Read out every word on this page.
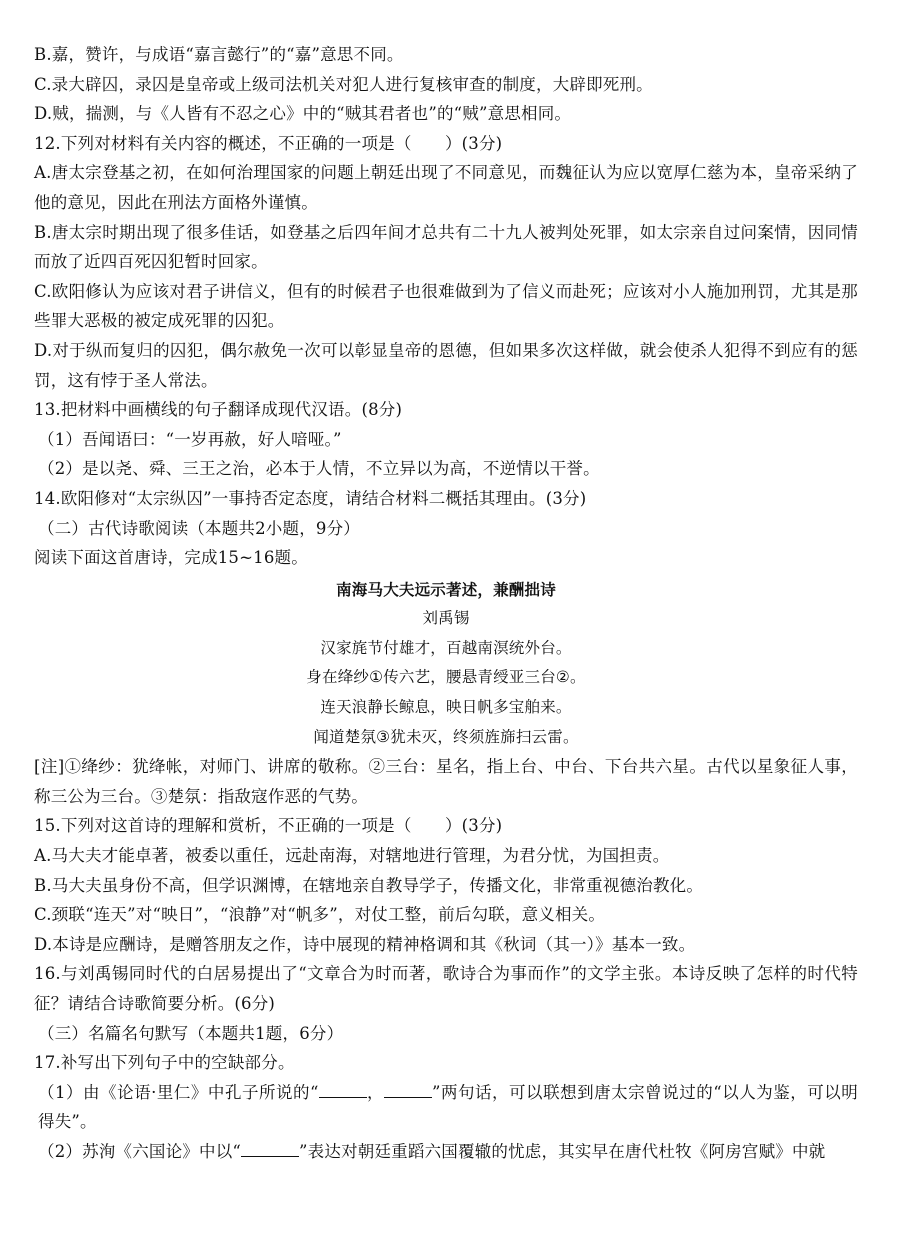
B.嘉，赞许，与成语“嘉言懿行”的“嘉”意思不同。
C.录大辟囚，录囚是皇帝或上级司法机关对犯人进行复核审查的制度，大辟即死刑。
D.贼，揣测，与《人皆有不忍之心》中的“贼其君者也”的“贼”意思相同。
12.下列对材料有关内容的概述，不正确的一项是（　　）(3分)
A.唐太宗登基之初，在如何治理国家的问题上朝廷出现了不同意见，而魏征认为应以宽厚仁慈为本，皇帝采纳了他的意见，因此在刑法方面格外谨慎。
B.唐太宗时期出现了很多佳话，如登基之后四年间才总共有二十九人被判处死罪，如太宗亲自过问案情，因同情而放了近四百死囚犯暂时回家。
C.欧阳修认为应该对君子讲信义，但有的时候君子也很难做到为了信义而赴死；应该对小人施加刑罚，尤其是那些罪大恶极的被定成死罪的囚犯。
D.对于纵而复归的囚犯，偶尔赦免一次可以彰显皇帝的恩德，但如果多次这样做，就会使杀人犯得不到应有的惩罚，这有悖于圣人常法。
13.把材料中画横线的句子翻译成现代汉语。(8分)
（1）吾闻语曰：“一岁再赦，好人喑哑。”
（2）是以尧、舜、三王之治，必本于人情，不立异以为高，不逆情以干誉。
14.欧阳修对“太宗纵囚”一事持否定态度，请结合材料二概括其理由。(3分)
（二）古代诗歌阅读（本题共2小题，9分）
阅读下面这首唐诗，完成15~16题。
南海马大夫远示著述，兼酬拙诗
刘禹锡
汉家旄节付雄才，百越南溟统外台。
身在绛纱①传六艺，腰悬青绶亚三台②。
连天浪静长鲸息，映日帆多宝舶来。
闻道楚氛③犹未灭，终须旌旆扫云雷。
[注]①绛纱：犹绛帐，对师门、讲席的敬称。②三台：星名，指上台、中台、下台共六星。古代以星象征人事，称三公为三台。③楚氛：指敌寇作恶的气势。
15.下列对这首诗的理解和赏析，不正确的一项是（　　）(3分)
A.马大夫才能卓著，被委以重任，远赴南海，对辖地进行管理，为君分忧，为国担责。
B.马大夫虽身份不高，但学识渊博，在辖地亲自教导学子，传播文化，非常重视德治教化。
C.颈联“连天”对“映日”，“浪静”对“帆多”，对仗工整，前后勾联，意义相关。
D.本诗是应酬诗，是赠答朋友之作，诗中展现的精神格调和其《秋词（其一）》基本一致。
16.与刘禹锡同时代的白居易提出了“文章合为时而著，歌诗合为事而作”的文学主张。本诗反映了怎样的时代特征？请结合诗歌简要分析。(6分)
（三）名篇名句默写（本题共1题，6分）
17.补写出下列句子中的空缺部分。
（1）由《论语·里仁》中孔子所说的“	，	”两句话，可以联想到唐太宗曾说过的“以人为鉴，可以明得失”。
（2）苏洵《六国论》中以“	”表达对朝廷重蹈六国覆辙的忧虑，其实早在唐代杜牧《阿房宫赋》中就
